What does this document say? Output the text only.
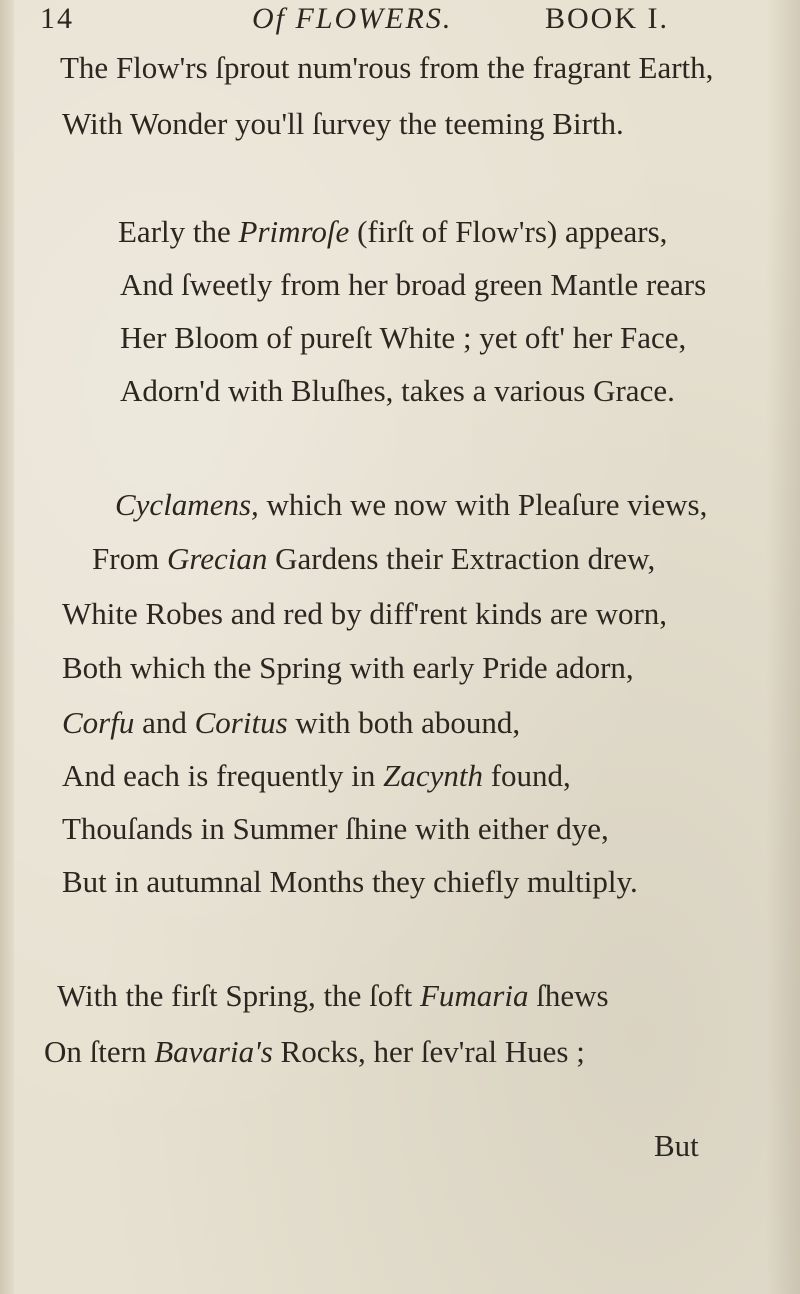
14	Of FLOWERS.	BOOK I.
The Flow'rs ſprout num'rous from the fragrant Earth,
With Wonder you'll ſurvey the teeming Birth.
Early the Primroſe (firſt of Flow'rs) appears,
And ſweetly from her broad green Mantle rears
Her Bloom of pureſt White ; yet oft' her Face,
Adorn'd with Bluſhes, takes a various Grace.
Cyclamens, which we now with Pleaſure views,
From Grecian Gardens their Extraction drew,
White Robes and red by diff'rent kinds are worn,
Both which the Spring with early Pride adorn,
Corfu and Coritus with both abound,
And each is frequently in Zacynth found,
Thouſands in Summer ſhine with either dye,
But in autumnal Months they chiefly multiply.
With the firſt Spring, the ſoft Fumaria ſhews
On ſtern Bavaria's Rocks, her ſev'ral Hues ;
But
